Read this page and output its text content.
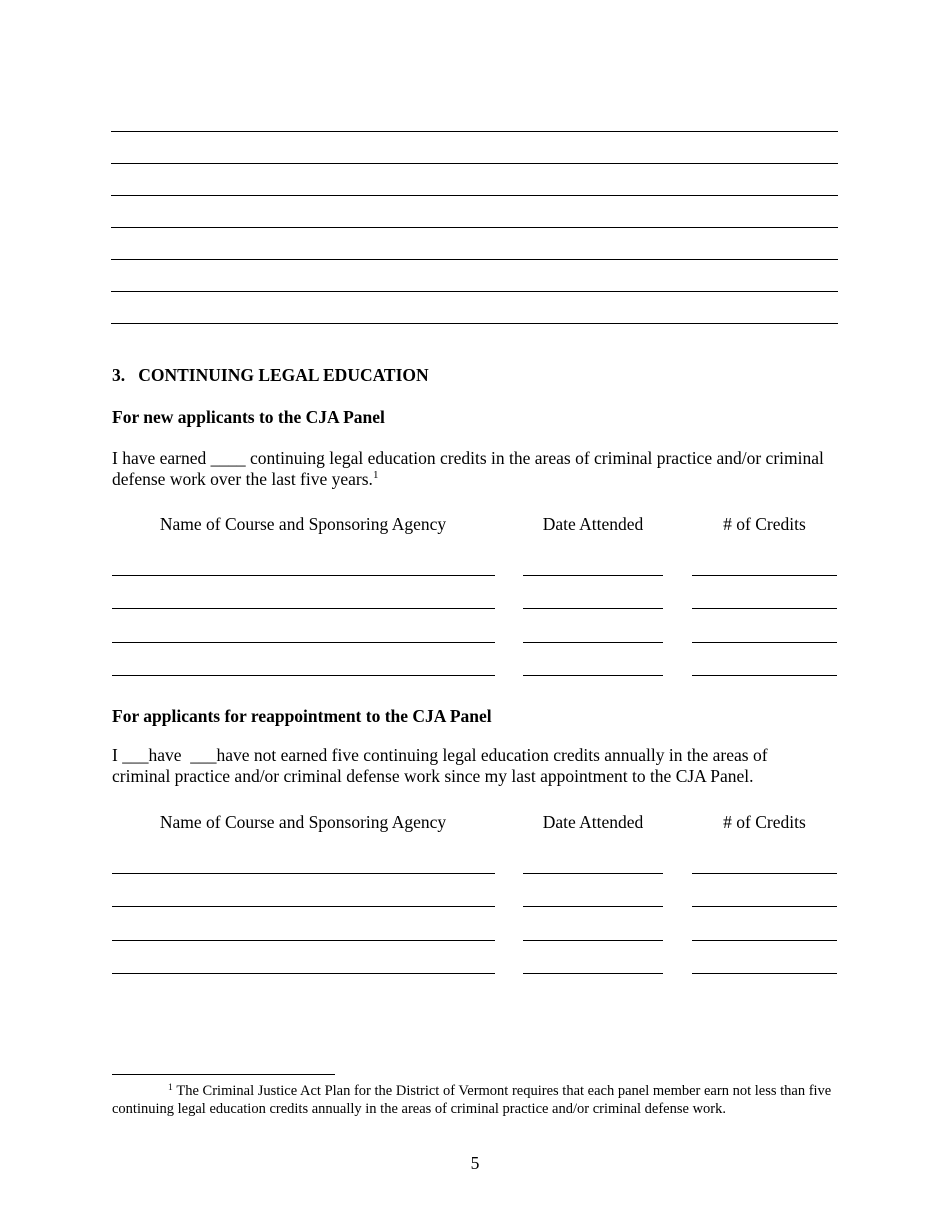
3. CONTINUING LEGAL EDUCATION
For new applicants to the CJA Panel
I have earned ____ continuing legal education credits in the areas of criminal practice and/or criminal defense work over the last five years.$^1$
Name of Course and Sponsoring Agency	Date Attended	# of Credits
For applicants for reappointment to the CJA Panel
I ___have  ___have not earned five continuing legal education credits annually in the areas of criminal practice and/or criminal defense work since my last appointment to the CJA Panel.
Name of Course and Sponsoring Agency	Date Attended	# of Credits
$^1$ The Criminal Justice Act Plan for the District of Vermont requires that each panel member earn not less than five continuing legal education credits annually in the areas of criminal practice and/or criminal defense work.
5
